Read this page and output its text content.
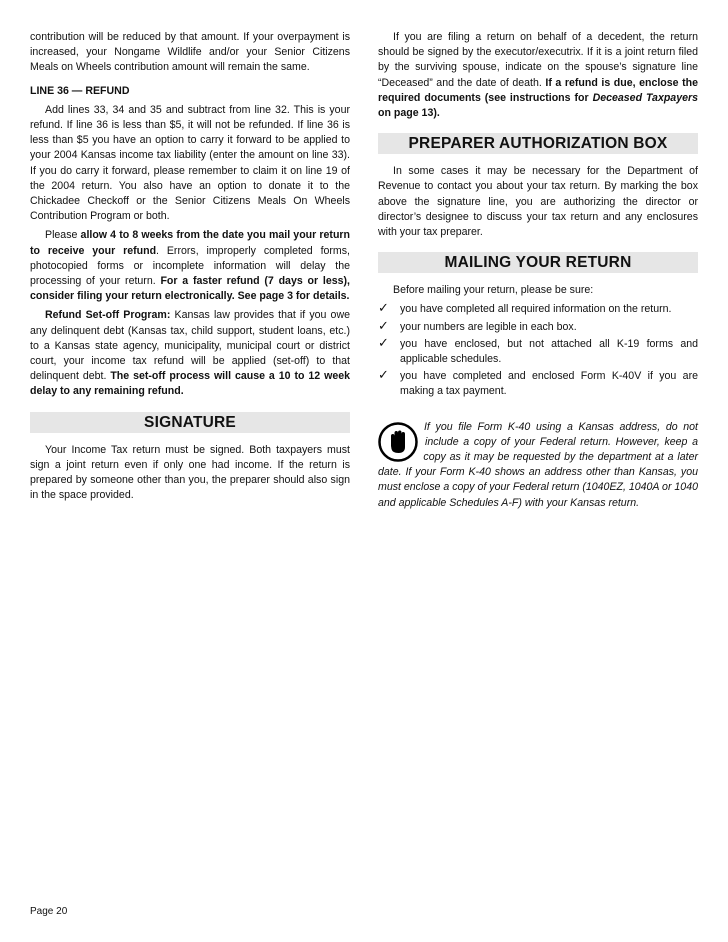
contribution will be reduced by that amount. If your overpayment is increased, your Nongame Wildlife and/or your Senior Citizens Meals on Wheels contribution amount will remain the same.

LINE 36 — REFUND

Add lines 33, 34 and 35 and subtract from line 32. This is your refund. If line 36 is less than $5, it will not be refunded. If line 36 is less than $5 you have an option to carry it forward to be applied to your 2004 Kansas income tax liability (enter the amount on line 33). If you do carry it forward, please remember to claim it on line 19 of the 2004 return. You also have an option to donate it to the Chickadee Checkoff or the Senior Citizens Meals On Wheels Contribution Program or both.

Please allow 4 to 8 weeks from the date you mail your return to receive your refund. Errors, improperly completed forms, photocopied forms or incomplete information will delay the processing of your return. For a faster refund (7 days or less), consider filing your return electronically. See page 3 for details.

Refund Set-off Program: Kansas law provides that if you owe any delinquent debt (Kansas tax, child support, student loans, etc.) to a Kansas state agency, municipality, municipal court or district court, your income tax refund will be applied (set-off) to that delinquent debt. The set-off process will cause a 10 to 12 week delay to any remaining refund.

SIGNATURE

Your Income Tax return must be signed. Both taxpayers must sign a joint return even if only one had income. If the return is prepared by someone other than you, the preparer should also sign in the space provided.

If you are filing a return on behalf of a decedent, the return should be signed by the executor/executrix. If it is a joint return filed by the surviving spouse, indicate on the spouse’s signature line “Deceased” and the date of death. If a refund is due, enclose the required documents (see instructions for Deceased Taxpayers on page 13).

PREPARER AUTHORIZATION BOX

In some cases it may be necessary for the Department of Revenue to contact you about your tax return. By marking the box above the signature line, you are authorizing the director or director’s designee to discuss your tax return and any enclosures with your tax preparer.

MAILING YOUR RETURN

Before mailing your return, please be sure:

✓ you have completed all required information on the return.
✓ your numbers are legible in each box.
✓ you have enclosed, but not attached all K-19 forms and applicable schedules.
✓ you have completed and enclosed Form K-40V if you are making a tax payment.
If you file Form K-40 using a Kansas address, do not include a copy of your Federal return. However, keep a copy as it may be requested by the department at a later date. If your Form K-40 shows an address other than Kansas, you must enclose a copy of your Federal return (1040EZ, 1040A or 1040 and applicable Schedules A-F) with your Kansas return.
Page 20
